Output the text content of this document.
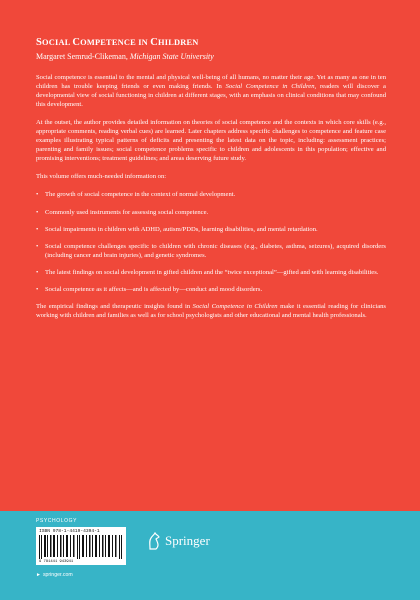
SOCIAL COMPETENCE IN CHILDREN
Margaret Semrud-Clikeman, Michigan State University

Social competence is essential to the mental and physical well-being of all humans, no matter their age. Yet as many as one in ten children has trouble keeping friends or even making friends. In Social Competence in Children, readers will discover a developmental view of social functioning in children at different stages, with an emphasis on clinical conditions that may confound this development.

At the outset, the author provides detailed information on theories of social competence and the contexts in which core skills (e.g., appropriate comments, reading verbal cues) are learned. Later chapters address specific challenges to competence and feature case examples illustrating typical patterns of deficits and presenting the latest data on the topic, including: assessment practices; parenting and family issues; social competence problems specific to children and adolescents in this population; effective and promising interventions; treatment guidelines; and areas deserving future study.

This volume offers much-needed information on:

• The growth of social competence in the context of normal development.
• Commonly used instruments for assessing social competence.
• Social impairments in children with ADHD, autism/PDDs, learning disabilities, and mental retardation.
• Social competence challenges specific to children with chronic diseases (e.g., diabetes, asthma, seizures), acquired disorders (including cancer and brain injuries), and genetic syndromes.
• The latest findings on social development in gifted children and the “twice exceptional”—gifted and with learning disabilities.
• Social competence as it affects—and is affected by—conduct and mood disorders.

The empirical findings and therapeutic insights found in Social Competence in Children make it essential reading for clinicians working with children and families as well as for school psychologists and other educational and mental health professionals.

PSYCHOLOGY
ISBN 978-1-4419-4394-1
9 781441 943941
Springer
► springer.com
